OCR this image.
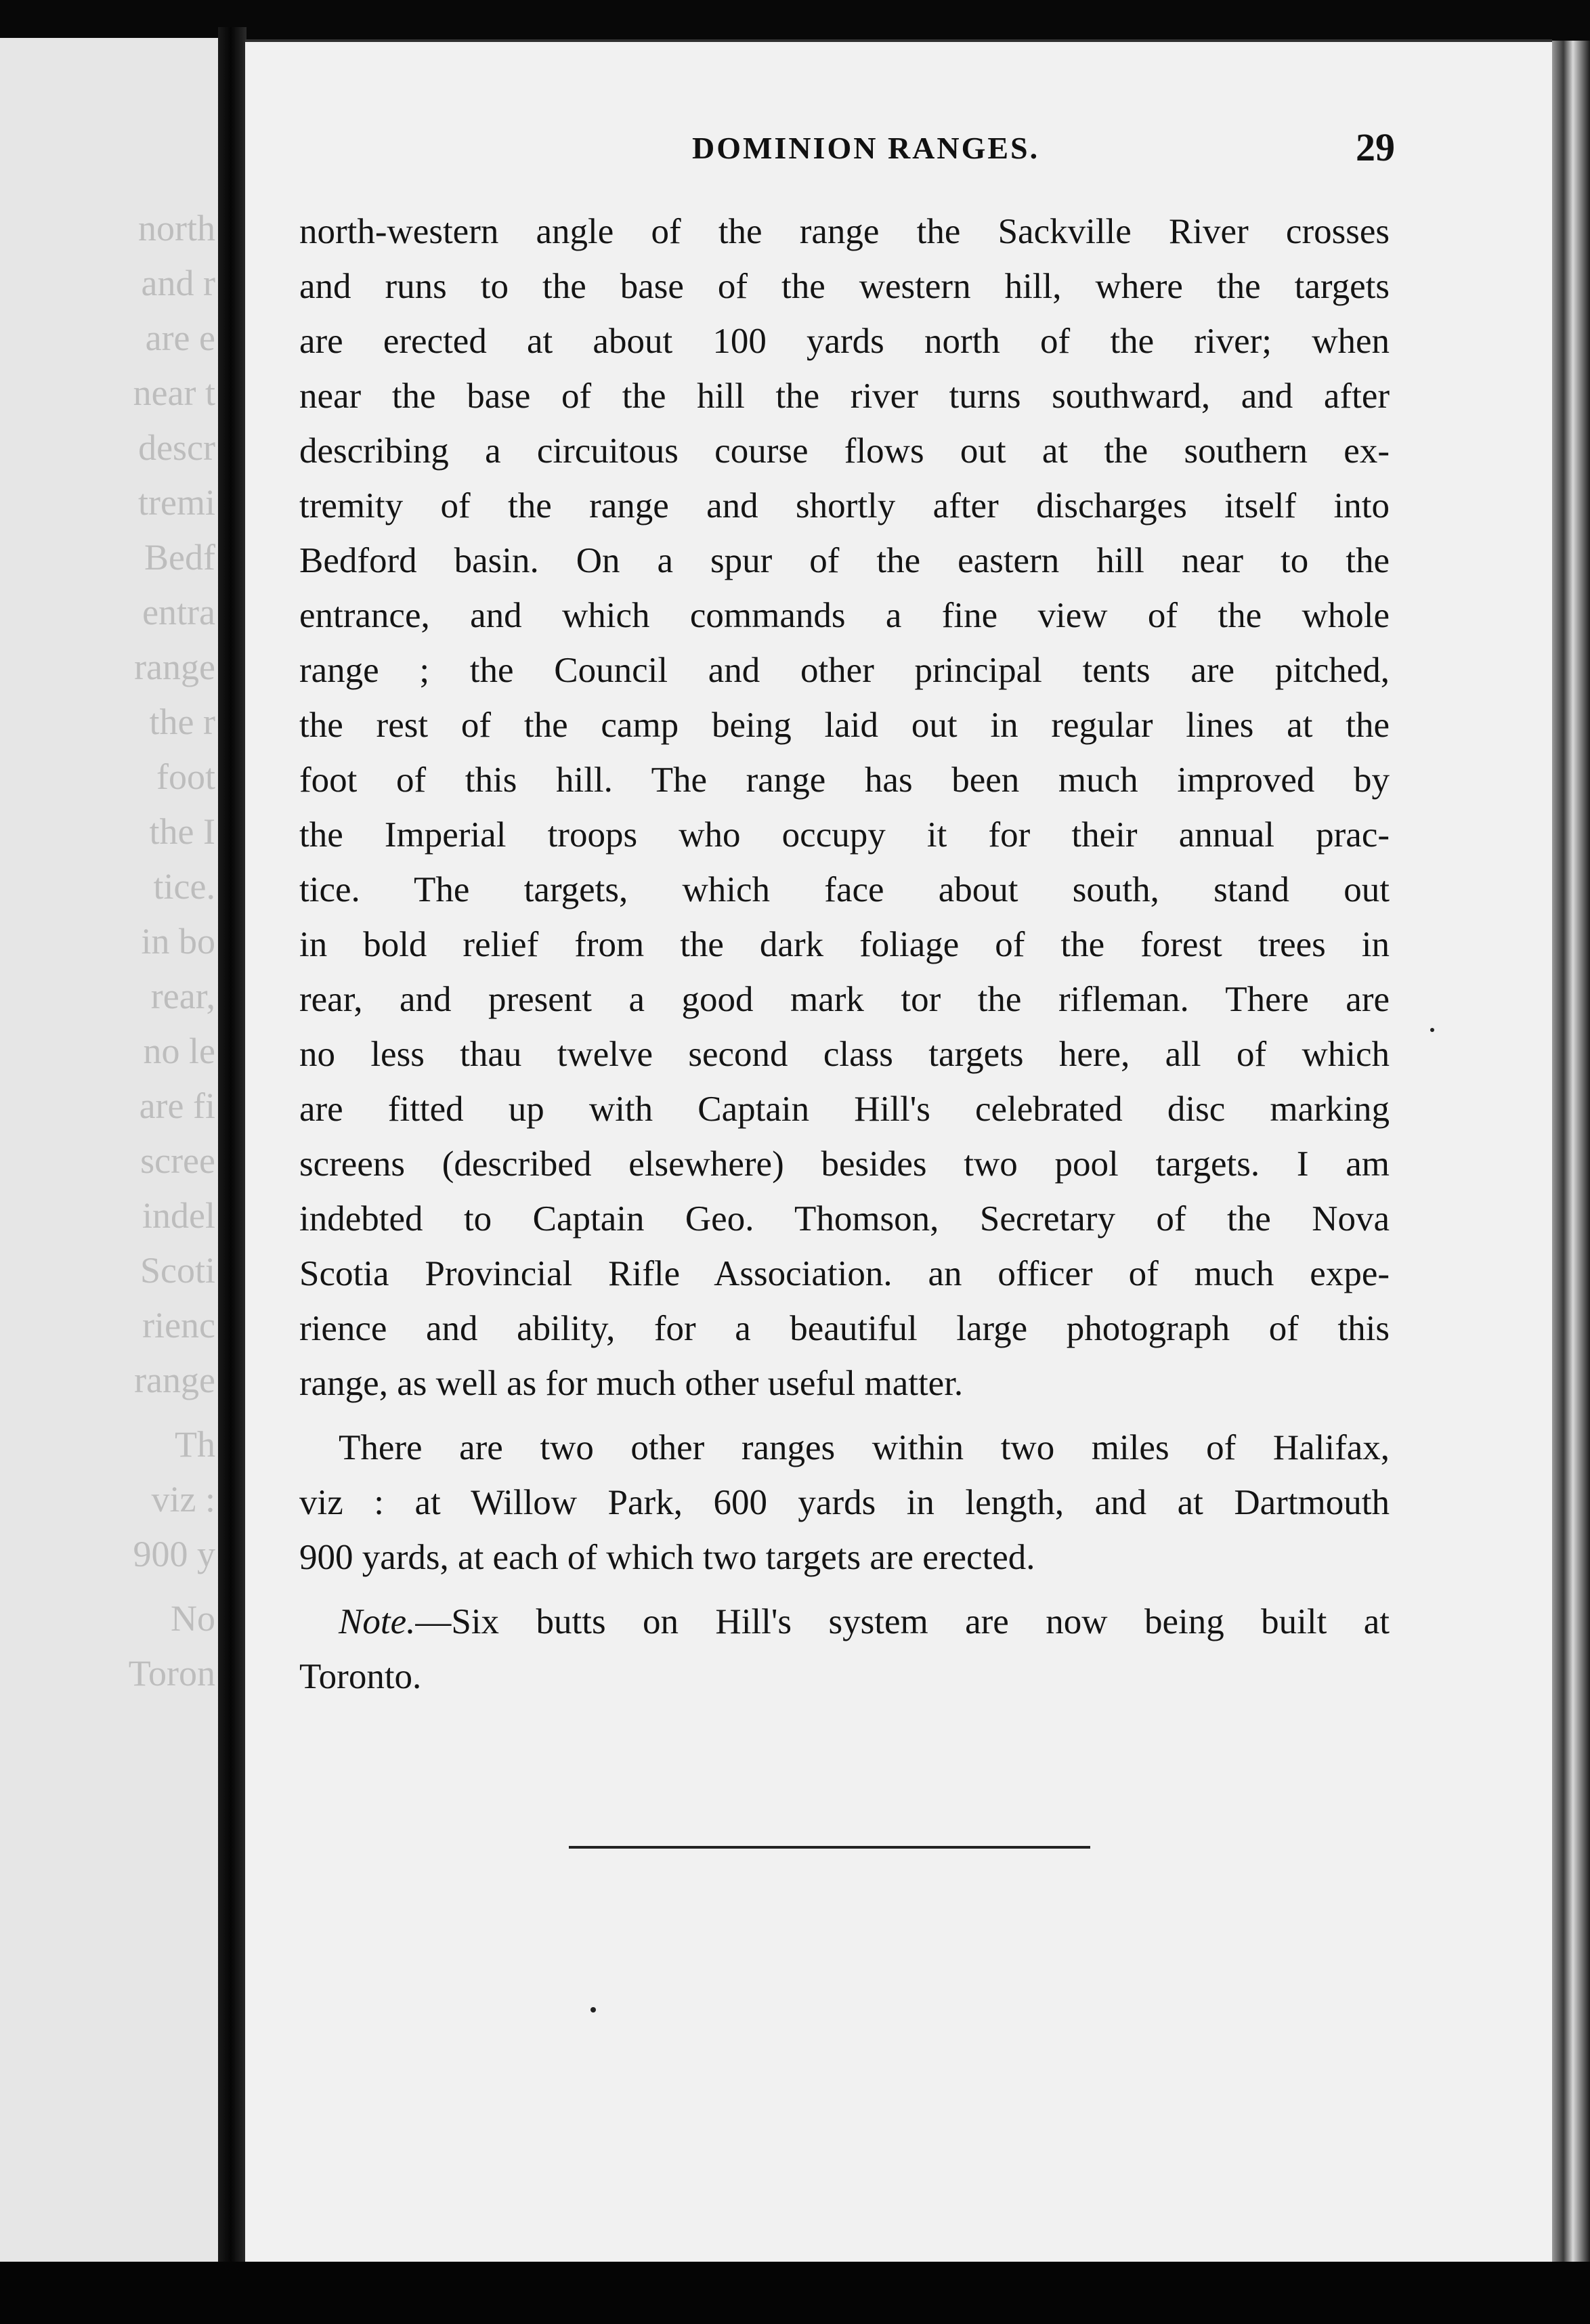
north
and r
are e
near t
descr
tremi
Bedf
entra
range
the r
foot
the I
tice.
in bo
rear,
no le
are fi
scree
indel
Scoti
rienc
range
Th
viz :
900 y
No
Toron
DOMINION RANGES.	29
north-western angle of the range the Sackville River crosses
and runs to the base of the western hill, where the targets
are erected at about 100 yards north of the river; when
near the base of the hill the river turns southward, and after
describing a circuitous course flows out at the southern ex-
tremity of the range and shortly after discharges itself into
Bedford basin. On a spur of the eastern hill near to the
entrance, and which commands a fine view of the whole
range ; the Council and other principal tents are pitched,
the rest of the camp being laid out in regular lines at the
foot of this hill. The range has been much improved by
the Imperial troops who occupy it for their annual prac-
tice. The targets, which face about south, stand out
in bold relief from the dark foliage of the forest trees in
rear, and present a good mark tor the rifleman. There are
no less thau twelve second class targets here, all of which
are fitted up with Captain Hill's celebrated disc marking
screens (described elsewhere) besides two pool targets. I am
indebted to Captain Geo. Thomson, Secretary of the Nova
Scotia Provincial Rifle Association. an officer of much expe-
rience and ability, for a beautiful large photograph of this
range, as well as for much other useful matter.
There are two other ranges within two miles of Halifax,
viz : at Willow Park, 600 yards in length, and at Dartmouth
900 yards, at each of which two targets are erected.
Note.—Six butts on Hill's system are now being built at
Toronto.
